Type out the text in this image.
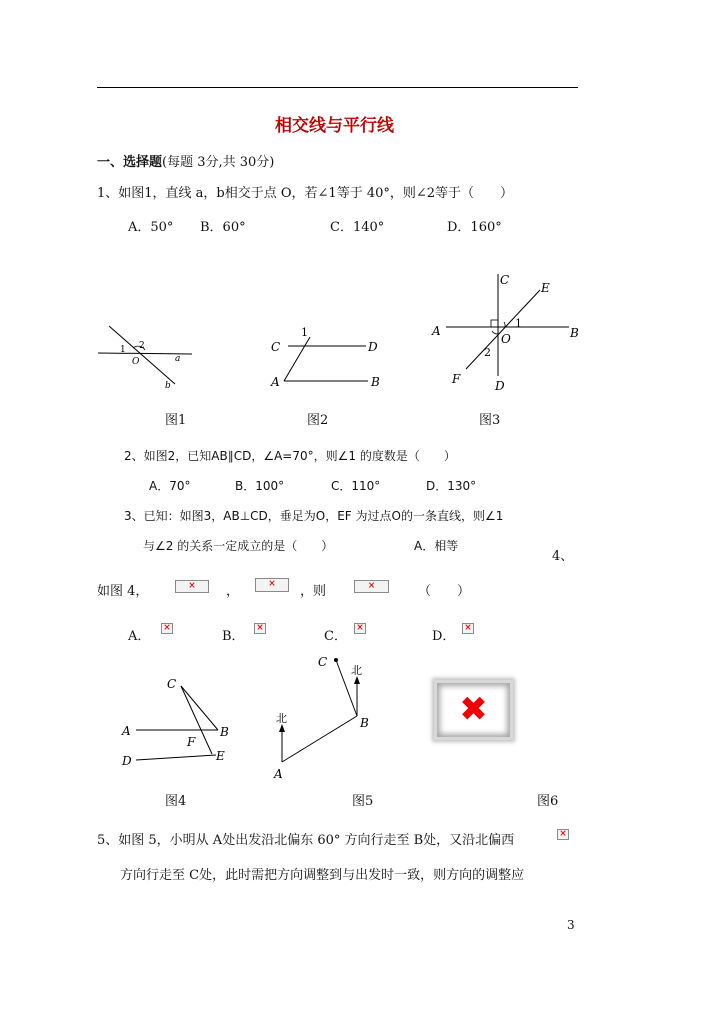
相交线与平行线
一、选择题(每题 3分,共 30分)
1、如图1，直线 a，b相交于点 O，若∠1等于 40°，则∠2等于（　　）
A．50° B．60°	C．140°	D．160°
1 2
O	a
b
图1
C	D
A	B
1
图2
C
E
A	B
O
1
2
F	D
图3
2、如图2，已知AB∥CD，∠A=70°，则∠1 的度数是（　　）
A．70°	B．100°	C．110°	D．130°
3、已知：如图3，AB⊥CD，垂足为O，EF 为过点O的一条直线，则∠1
与∠2 的关系一定成立的是（　　）	A．相等
4、
如图 4， ×	， ×	，则 ×	（　　）
A．
×	B．
×	C．
×	D．
×
C
A	B
F
D	E
图4
C
北
北	B
A
图5
✖	图6
5、如图 5，小明从 A处出发沿北偏东 60° 方向行走至 B处，又沿北偏西
×
方向行走至 C处，此时需把方向调整到与出发时一致，则方向的调整应
3
